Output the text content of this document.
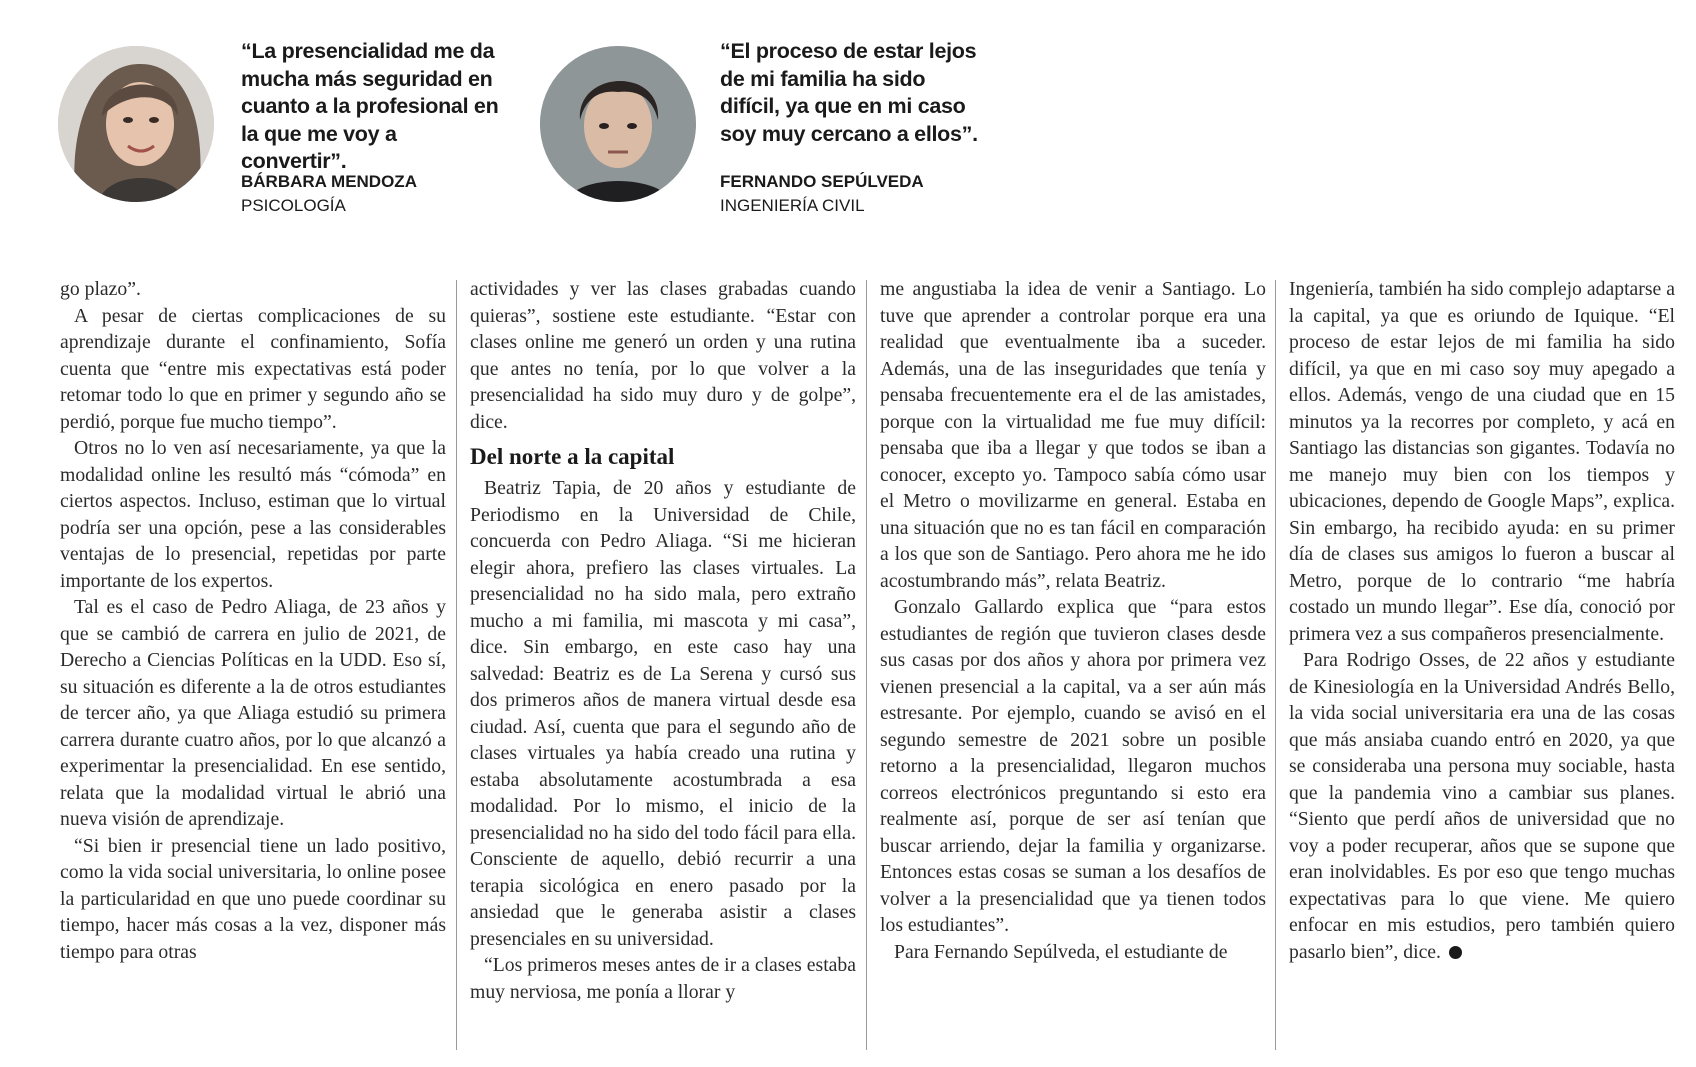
“La presencialidad me da mucha más seguridad en cuanto a la profesional en la que me voy a convertir”.
BÁRBARA MENDOZA
PSICOLOGÍA
“El proceso de estar lejos de mi familia ha sido difícil, ya que en mi caso soy muy cercano a ellos”.
FERNANDO SEPÚLVEDA
INGENIERÍA CIVIL

go plazo”.

A pesar de ciertas complicaciones de su aprendizaje durante el confinamiento, Sofía cuenta que “entre mis expectativas está poder retomar todo lo que en primer y segundo año se perdió, porque fue mucho tiempo”.

Otros no lo ven así necesariamente, ya que la modalidad online les resultó más “cómoda” en ciertos aspectos. Incluso, estiman que lo virtual podría ser una opción, pese a las considerables ventajas de lo presencial, repetidas por parte importante de los expertos.

Tal es el caso de Pedro Aliaga, de 23 años y que se cambió de carrera en julio de 2021, de Derecho a Ciencias Políticas en la UDD. Eso sí, su situación es diferente a la de otros estudiantes de tercer año, ya que Aliaga estudió su primera carrera durante cuatro años, por lo que alcanzó a experimentar la presencialidad. En ese sentido, relata que la modalidad virtual le abrió una nueva visión de aprendizaje.

“Si bien ir presencial tiene un lado positivo, como la vida social universitaria, lo online posee la particularidad en que uno puede coordinar su tiempo, hacer más cosas a la vez, disponer más tiempo para otras

actividades y ver las clases grabadas cuando quieras”, sostiene este estudiante. “Estar con clases online me generó un orden y una rutina que antes no tenía, por lo que volver a la presencialidad ha sido muy duro y de golpe”, dice.

Del norte a la capital

Beatriz Tapia, de 20 años y estudiante de Periodismo en la Universidad de Chile, concuerda con Pedro Aliaga. “Si me hicieran elegir ahora, prefiero las clases virtuales. La presencialidad no ha sido mala, pero extraño mucho a mi familia, mi mascota y mi casa”, dice. Sin embargo, en este caso hay una salvedad: Beatriz es de La Serena y cursó sus dos primeros años de manera virtual desde esa ciudad. Así, cuenta que para el segundo año de clases virtuales ya había creado una rutina y estaba absolutamente acostumbrada a esa modalidad. Por lo mismo, el inicio de la presencialidad no ha sido del todo fácil para ella. Consciente de aquello, debió recurrir a una terapia sicológica en enero pasado por la ansiedad que le generaba asistir a clases presenciales en su universidad.

“Los primeros meses antes de ir a clases estaba muy nerviosa, me ponía a llorar y

me angustiaba la idea de venir a Santiago. Lo tuve que aprender a controlar porque era una realidad que eventualmente iba a suceder. Además, una de las inseguridades que tenía y pensaba frecuentemente era el de las amistades, porque con la virtualidad me fue muy difícil: pensaba que iba a llegar y que todos se iban a conocer, excepto yo. Tampoco sabía cómo usar el Metro o movilizarme en general. Estaba en una situación que no es tan fácil en comparación a los que son de Santiago. Pero ahora me he ido acostumbrando más”, relata Beatriz.

Gonzalo Gallardo explica que “para estos estudiantes de región que tuvieron clases desde sus casas por dos años y ahora por primera vez vienen presencial a la capital, va a ser aún más estresante. Por ejemplo, cuando se avisó en el segundo semestre de 2021 sobre un posible retorno a la presencialidad, llegaron muchos correos electrónicos preguntando si esto era realmente así, porque de ser así tenían que buscar arriendo, dejar la familia y organizarse. Entonces estas cosas se suman a los desafíos de volver a la presencialidad que ya tienen todos los estudiantes”.

Para Fernando Sepúlveda, el estudiante de

Ingeniería, también ha sido complejo adaptarse a la capital, ya que es oriundo de Iquique. “El proceso de estar lejos de mi familia ha sido difícil, ya que en mi caso soy muy apegado a ellos. Además, vengo de una ciudad que en 15 minutos ya la recorres por completo, y acá en Santiago las distancias son gigantes. Todavía no me manejo muy bien con los tiempos y ubicaciones, dependo de Google Maps”, explica. Sin embargo, ha recibido ayuda: en su primer día de clases sus amigos lo fueron a buscar al Metro, porque de lo contrario “me habría costado un mundo llegar”. Ese día, conoció por primera vez a sus compañeros presencialmente.

Para Rodrigo Osses, de 22 años y estudiante de Kinesiología en la Universidad Andrés Bello, la vida social universitaria era una de las cosas que más ansiaba cuando entró en 2020, ya que se consideraba una persona muy sociable, hasta que la pandemia vino a cambiar sus planes. “Siento que perdí años de universidad que no voy a poder recuperar, años que se supone que eran inolvidables. Es por eso que tengo muchas expectativas para lo que viene. Me quiero enfocar en mis estudios, pero también quiero pasarlo bien”, dice.
